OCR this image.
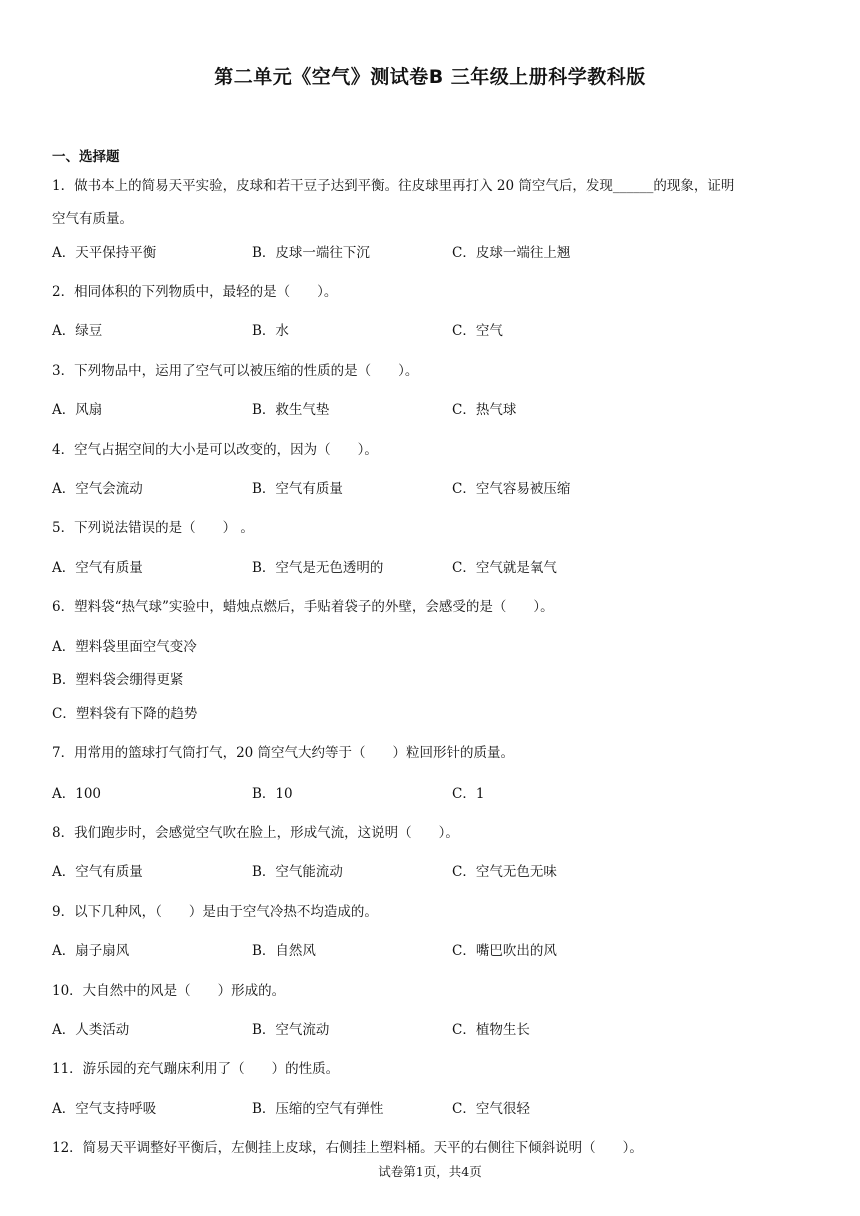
第二单元《空气》测试卷B 三年级上册科学教科版
一、选择题
1．做书本上的简易天平实验，皮球和若干豆子达到平衡。往皮球里再打入 20 筒空气后，发现______的现象，证明
空气有质量。
A．天平保持平衡	B．皮球一端往下沉	C．皮球一端往上翘
2．相同体积的下列物质中，最轻的是（　　）。
A．绿豆	B．水	C．空气
3．下列物品中，运用了空气可以被压缩的性质的是（　　）。
A．风扇	B．救生气垫	C．热气球
4．空气占据空间的大小是可以改变的，因为（　　）。
A．空气会流动	B．空气有质量	C．空气容易被压缩
5．下列说法错误的是（　　） 。
A．空气有质量	B．空气是无色透明的	C．空气就是氧气
6．塑料袋“热气球”实验中，蜡烛点燃后，手贴着袋子的外壁，会感受的是（　　）。
A．塑料袋里面空气变冷
B．塑料袋会绷得更紧
C．塑料袋有下降的趋势
7．用常用的篮球打气筒打气，20 筒空气大约等于（　　）粒回形针的质量。
A．100	B．10	C．1
8．我们跑步时，会感觉空气吹在脸上，形成气流，这说明（　　）。
A．空气有质量	B．空气能流动	C．空气无色无味
9．以下几种风，（　　）是由于空气冷热不均造成的。
A．扇子扇风	B．自然风	C．嘴巴吹出的风
10．大自然中的风是（　　）形成的。
A．人类活动	B．空气流动	C．植物生长
11．游乐园的充气蹦床利用了（　　）的性质。
A．空气支持呼吸	B．压缩的空气有弹性	C．空气很轻
12．简易天平调整好平衡后，左侧挂上皮球，右侧挂上塑料桶。天平的右侧往下倾斜说明（　　）。
试卷第1页，共4页
